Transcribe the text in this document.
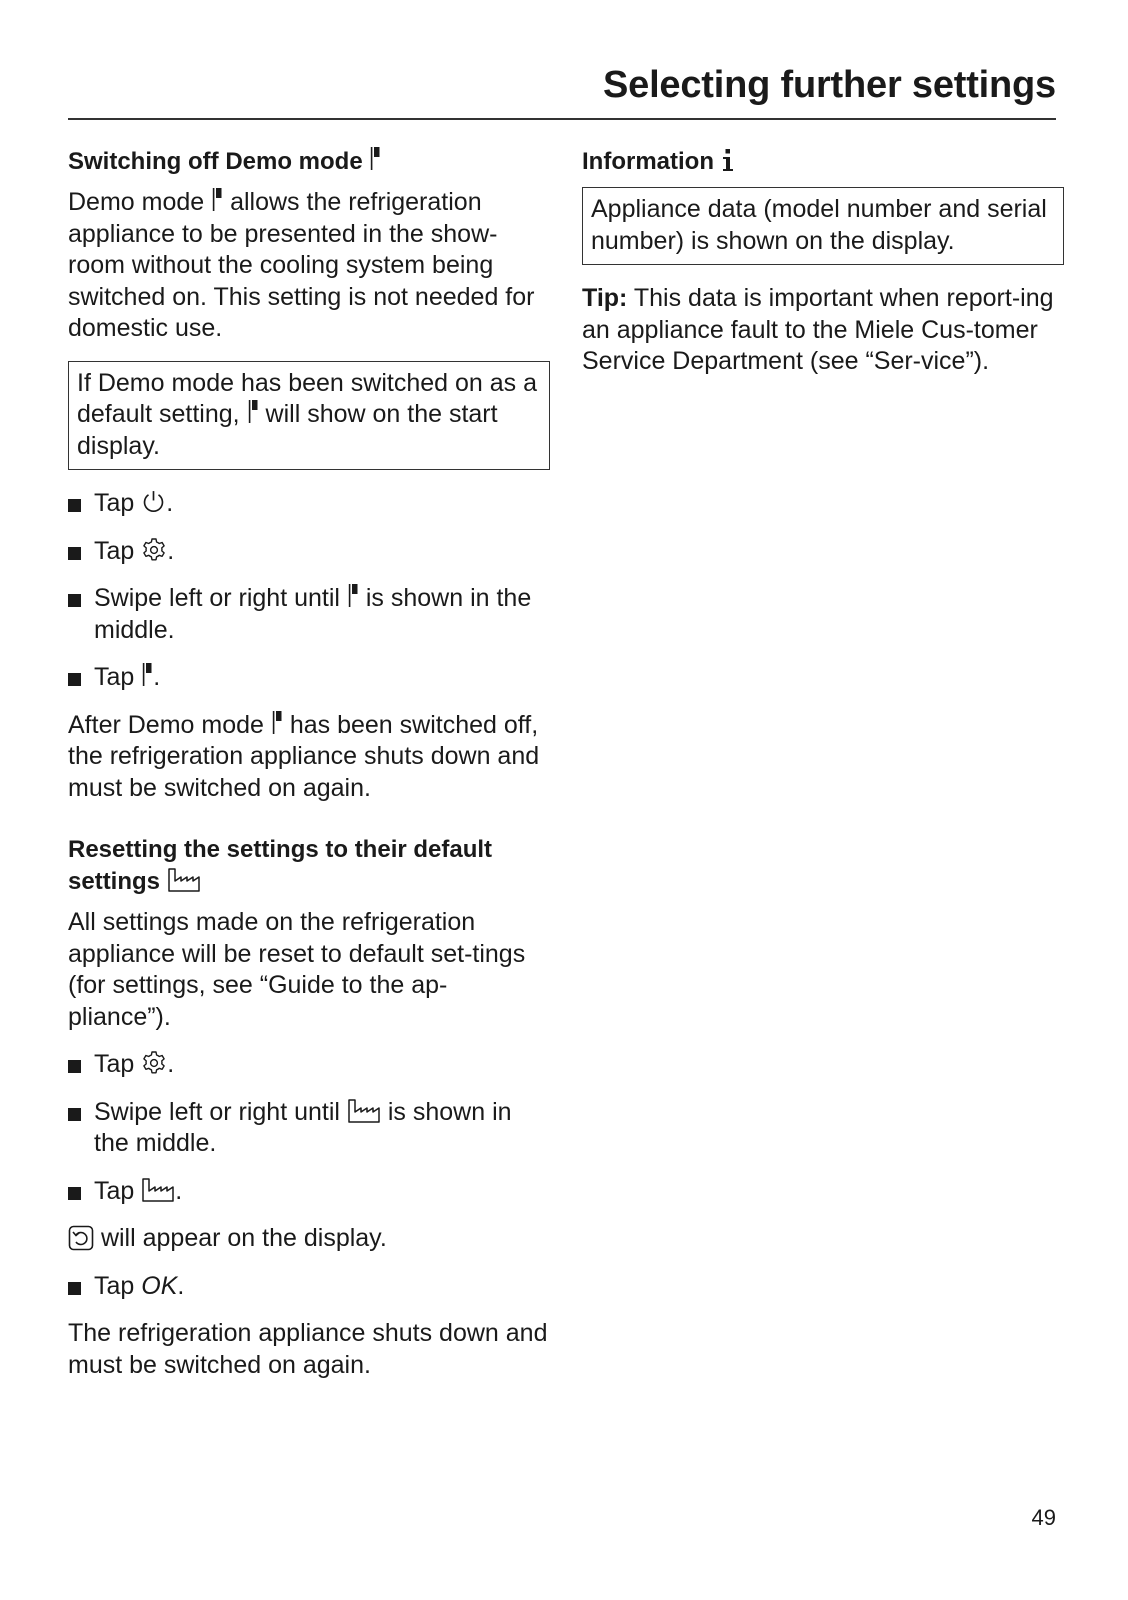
Selecting further settings
Switching off Demo mode

Demo mode allows the refrigeration appliance to be presented in the show-room without the cooling system being switched on. This setting is not needed for domestic use.

If Demo mode has been switched on as a default setting, will show on the start display.

Tap .
Tap .
Swipe left or right until is shown in the middle.
Tap .

After Demo mode has been switched off, the refrigeration appliance shuts down and must be switched on again.

Resetting the settings to their default settings

All settings made on the refrigeration appliance will be reset to default set-tings (for settings, see “Guide to the ap-pliance”).

Tap .
Swipe left or right until is shown in the middle.
Tap .

will appear on the display.

Tap OK.

The refrigeration appliance shuts down and must be switched on again.

Information

Appliance data (model number and serial number) is shown on the display.

Tip: This data is important when report-ing an appliance fault to the Miele Cus-tomer Service Department (see “Ser-vice”).

49
